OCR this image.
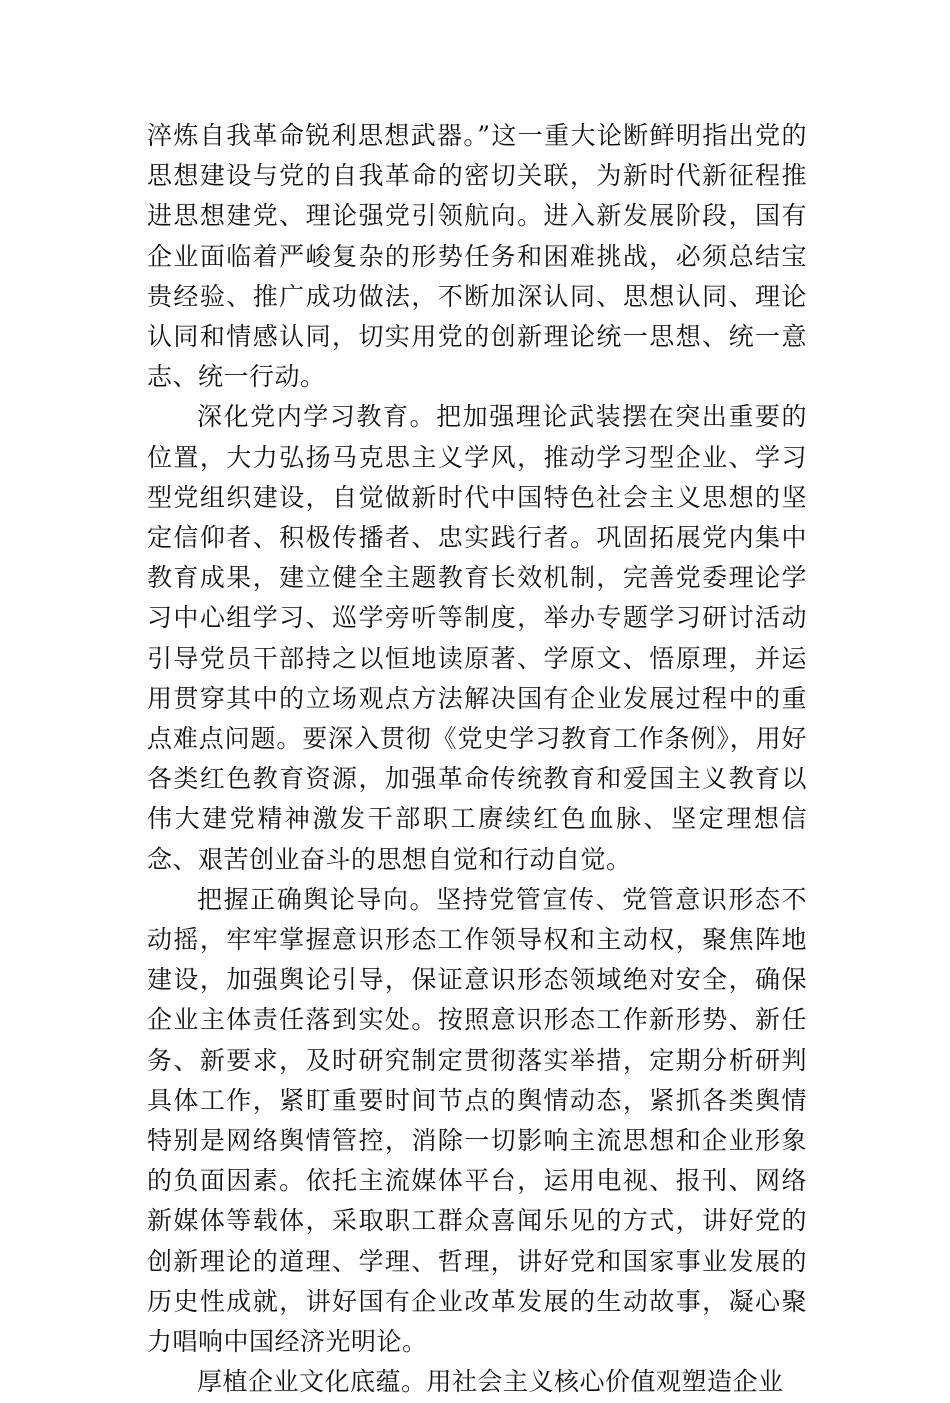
淬炼自我革命锐利思想武器。”这一重大论断鲜明指出党的思想建设与党的自我革命的密切关联，为新时代新征程推进思想建党、理论强党引领航向。进入新发展阶段，国有企业面临着严峻复杂的形势任务和困难挑战，必须总结宝贵经验、推广成功做法，不断加深认同、思想认同、理论认同和情感认同，切实用党的创新理论统一思想、统一意志、统一行动。

深化党内学习教育。把加强理论武装摆在突出重要的位置，大力弘扬马克思主义学风，推动学习型企业、学习型党组织建设，自觉做新时代中国特色社会主义思想的坚定信仰者、积极传播者、忠实践行者。巩固拓展党内集中教育成果，建立健全主题教育长效机制，完善党委理论学习中心组学习、巡学旁听等制度，举办专题学习研讨活动引导党员干部持之以恒地读原著、学原文、悟原理，并运用贯穿其中的立场观点方法解决国有企业发展过程中的重点难点问题。要深入贯彻《党史学习教育工作条例》，用好各类红色教育资源，加强革命传统教育和爱国主义教育以伟大建党精神激发干部职工赓续红色血脉、坚定理想信念、艰苦创业奋斗的思想自觉和行动自觉。

把握正确舆论导向。坚持党管宣传、党管意识形态不动摇，牢牢掌握意识形态工作领导权和主动权，聚焦阵地建设，加强舆论引导，保证意识形态领域绝对安全，确保企业主体责任落到实处。按照意识形态工作新形势、新任务、新要求，及时研究制定贯彻落实举措，定期分析研判具体工作，紧盯重要时间节点的舆情动态，紧抓各类舆情特别是网络舆情管控，消除一切影响主流思想和企业形象的负面因素。依托主流媒体平台，运用电视、报刊、网络新媒体等载体，采取职工群众喜闻乐见的方式，讲好党的创新理论的道理、学理、哲理，讲好党和国家事业发展的历史性成就，讲好国有企业改革发展的生动故事，凝心聚力唱响中国经济光明论。

厚植企业文化底蕴。用社会主义核心价值观塑造企业
